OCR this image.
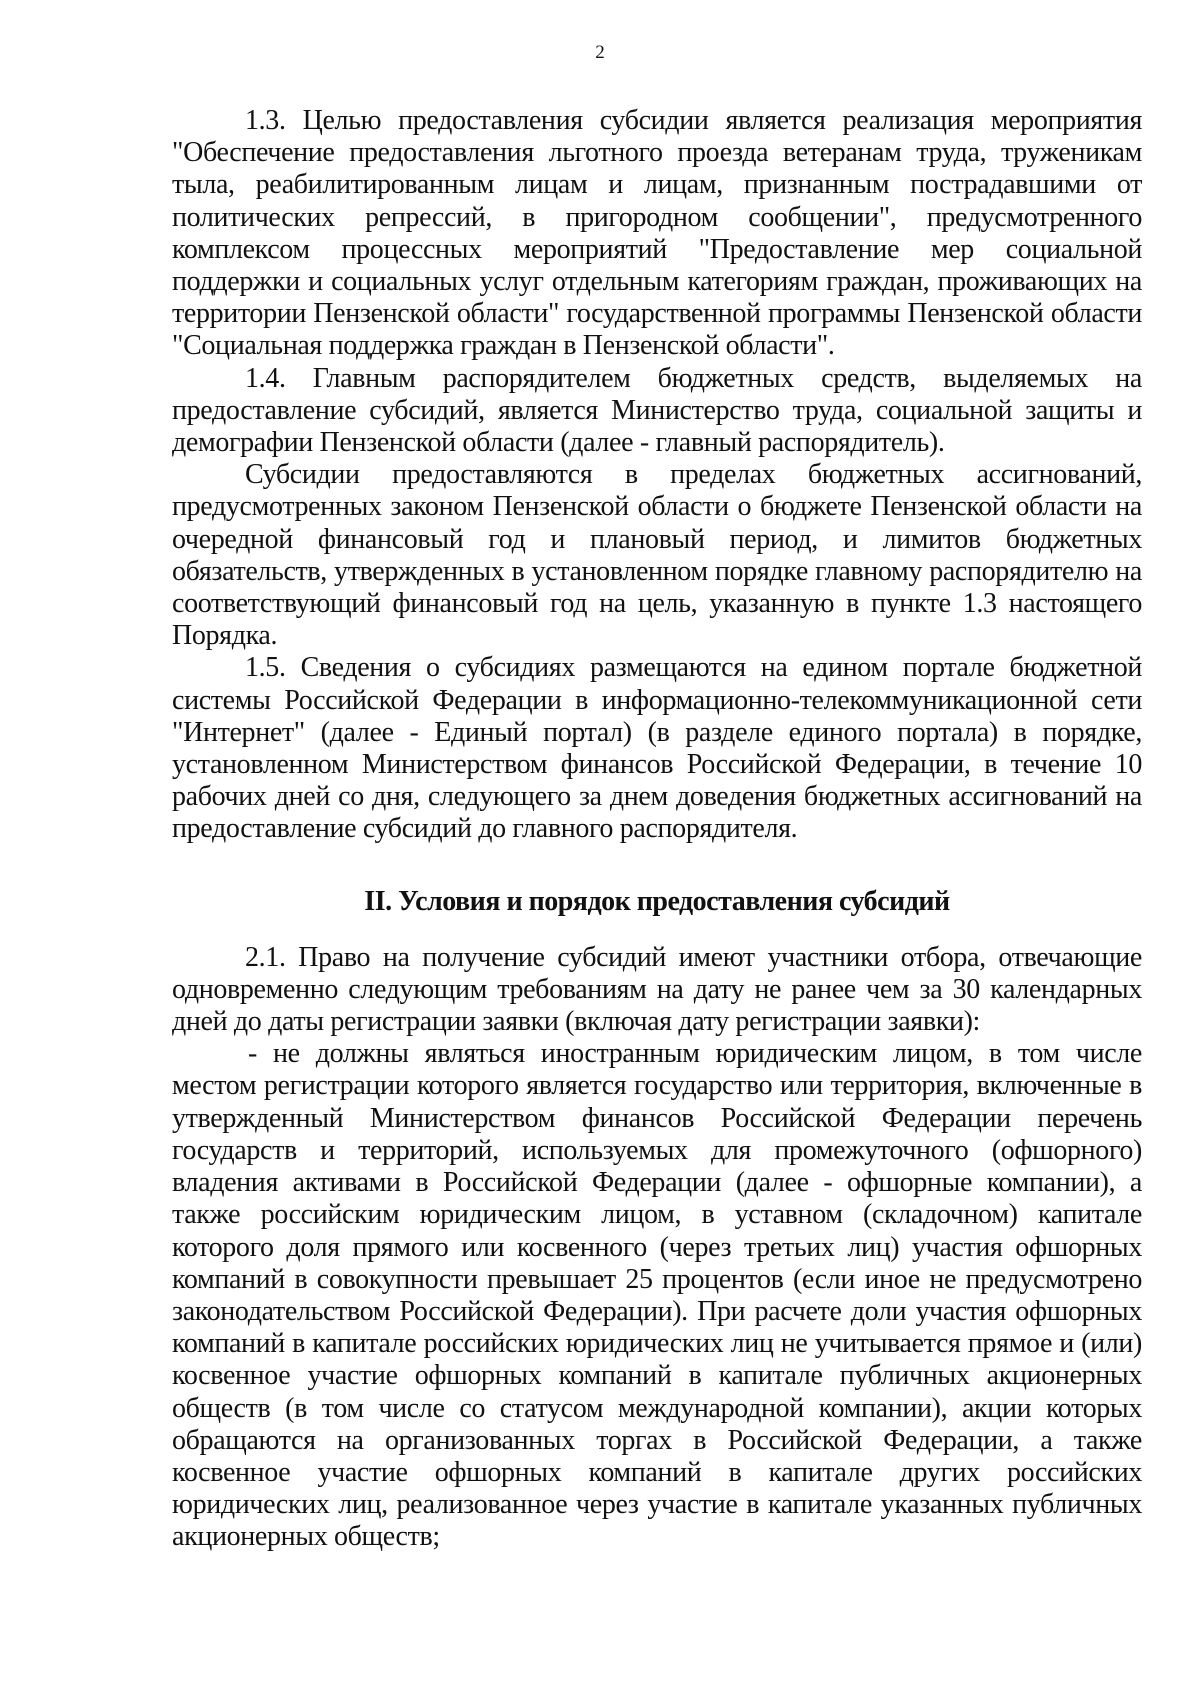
2

1.3. Целью предоставления субсидии является реализация мероприятия "Обеспечение предоставления льготного проезда ветеранам труда, труженикам тыла, реабилитированным лицам и лицам, признанным пострадавшими от политических репрессий, в пригородном сообщении", предусмотренного комплексом процессных мероприятий "Предоставление мер социальной поддержки и социальных услуг отдельным категориям граждан, проживающих на территории Пензенской области" государственной программы Пензенской области "Социальная поддержка граждан в Пензенской области".

1.4. Главным распорядителем бюджетных средств, выделяемых на предоставление субсидий, является Министерство труда, социальной защиты и демографии Пензенской области (далее - главный распорядитель).

Субсидии предоставляются в пределах бюджетных ассигнований, предусмотренных законом Пензенской области о бюджете Пензенской области на очередной финансовый год и плановый период, и лимитов бюджетных обязательств, утвержденных в установленном порядке главному распорядителю на соответствующий финансовый год на цель, указанную в пункте 1.3 настоящего Порядка.

1.5. Сведения о субсидиях размещаются на едином портале бюджетной системы Российской Федерации в информационно-телекоммуникационной сети "Интернет" (далее - Единый портал) (в разделе единого портала) в порядке, установленном Министерством финансов Российской Федерации, в течение 10 рабочих дней со дня, следующего за днем доведения бюджетных ассигнований на предоставление субсидий до главного распорядителя.

II. Условия и порядок предоставления субсидий

2.1. Право на получение субсидий имеют участники отбора, отвечающие одновременно следующим требованиям на дату не ранее чем за 30 календарных дней до даты регистрации заявки (включая дату регистрации заявки):

- не должны являться иностранным юридическим лицом, в том числе местом регистрации которого является государство или территория, включенные в утвержденный Министерством финансов Российской Федерации перечень государств и территорий, используемых для промежуточного (офшорного) владения активами в Российской Федерации (далее - офшорные компании), а также российским юридическим лицом, в уставном (складочном) капитале которого доля прямого или косвенного (через третьих лиц) участия офшорных компаний в совокупности превышает 25 процентов (если иное не предусмотрено законодательством Российской Федерации). При расчете доли участия офшорных компаний в капитале российских юридических лиц не учитывается прямое и (или) косвенное участие офшорных компаний в капитале публичных акционерных обществ (в том числе со статусом международной компании), акции которых обращаются на организованных торгах в Российской Федерации, а также косвенное участие офшорных компаний в капитале других российских юридических лиц, реализованное через участие в капитале указанных публичных акционерных обществ;
